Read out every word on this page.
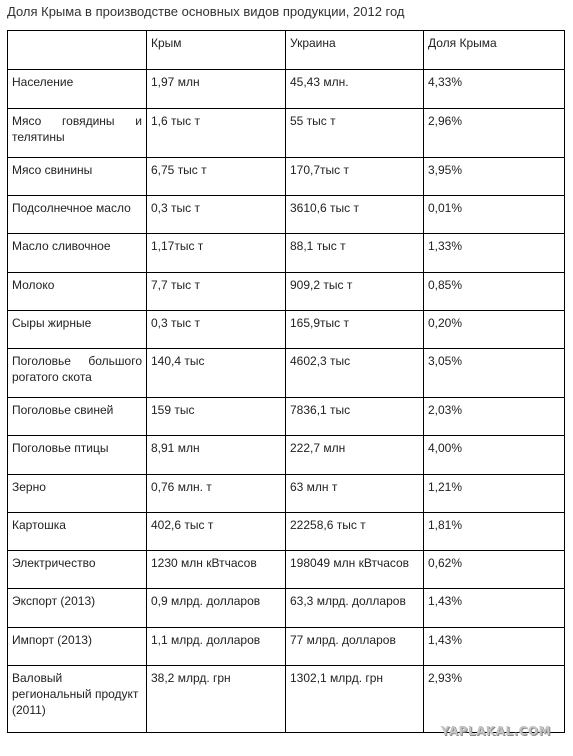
Доля Крыма в производстве основных видов продукции, 2012 год
	Крым	Украина	Доля Крыма
Население	1,97 млн	45,43 млн.	4,33%
Мясо говядины и телятины	1,6 тыс т	55 тыс т	2,96%
Мясо свинины	6,75 тыс т	170,7тыс т	3,95%
Подсолнечное масло	0,3 тыс т	3610,6 тыс т	0,01%
Масло сливочное	1,17тыс т	88,1 тыс т	1,33%
Молоко	7,7 тыс т	909,2 тыс т	0,85%
Сыры жирные	0,3 тыс т	165,9тыс т	0,20%
Поголовье большого рогатого скота	140,4 тыс	4602,3 тыс	3,05%
Поголовье свиней	159 тыс	7836,1 тыс	2,03%
Поголовье птицы	8,91 млн	222,7 млн	4,00%
Зерно	0,76 млн. т	63 млн т	1,21%
Картошка	402,6 тыс т	22258,6 тыс т	1,81%
Электричество	1230 млн кВтчасов	198049 млн кВтчасов	0,62%
Экспорт (2013)	0,9 млрд. долларов	63,3 млрд. долларов	1,43%
Импорт (2013)	1,1 млрд. долларов	77 млрд. долларов	1,43%
Валовый региональный продукт (2011)	38,2 млрд. грн	1302,1 млрд. грн	2,93%
YAPLAKAL.COM
